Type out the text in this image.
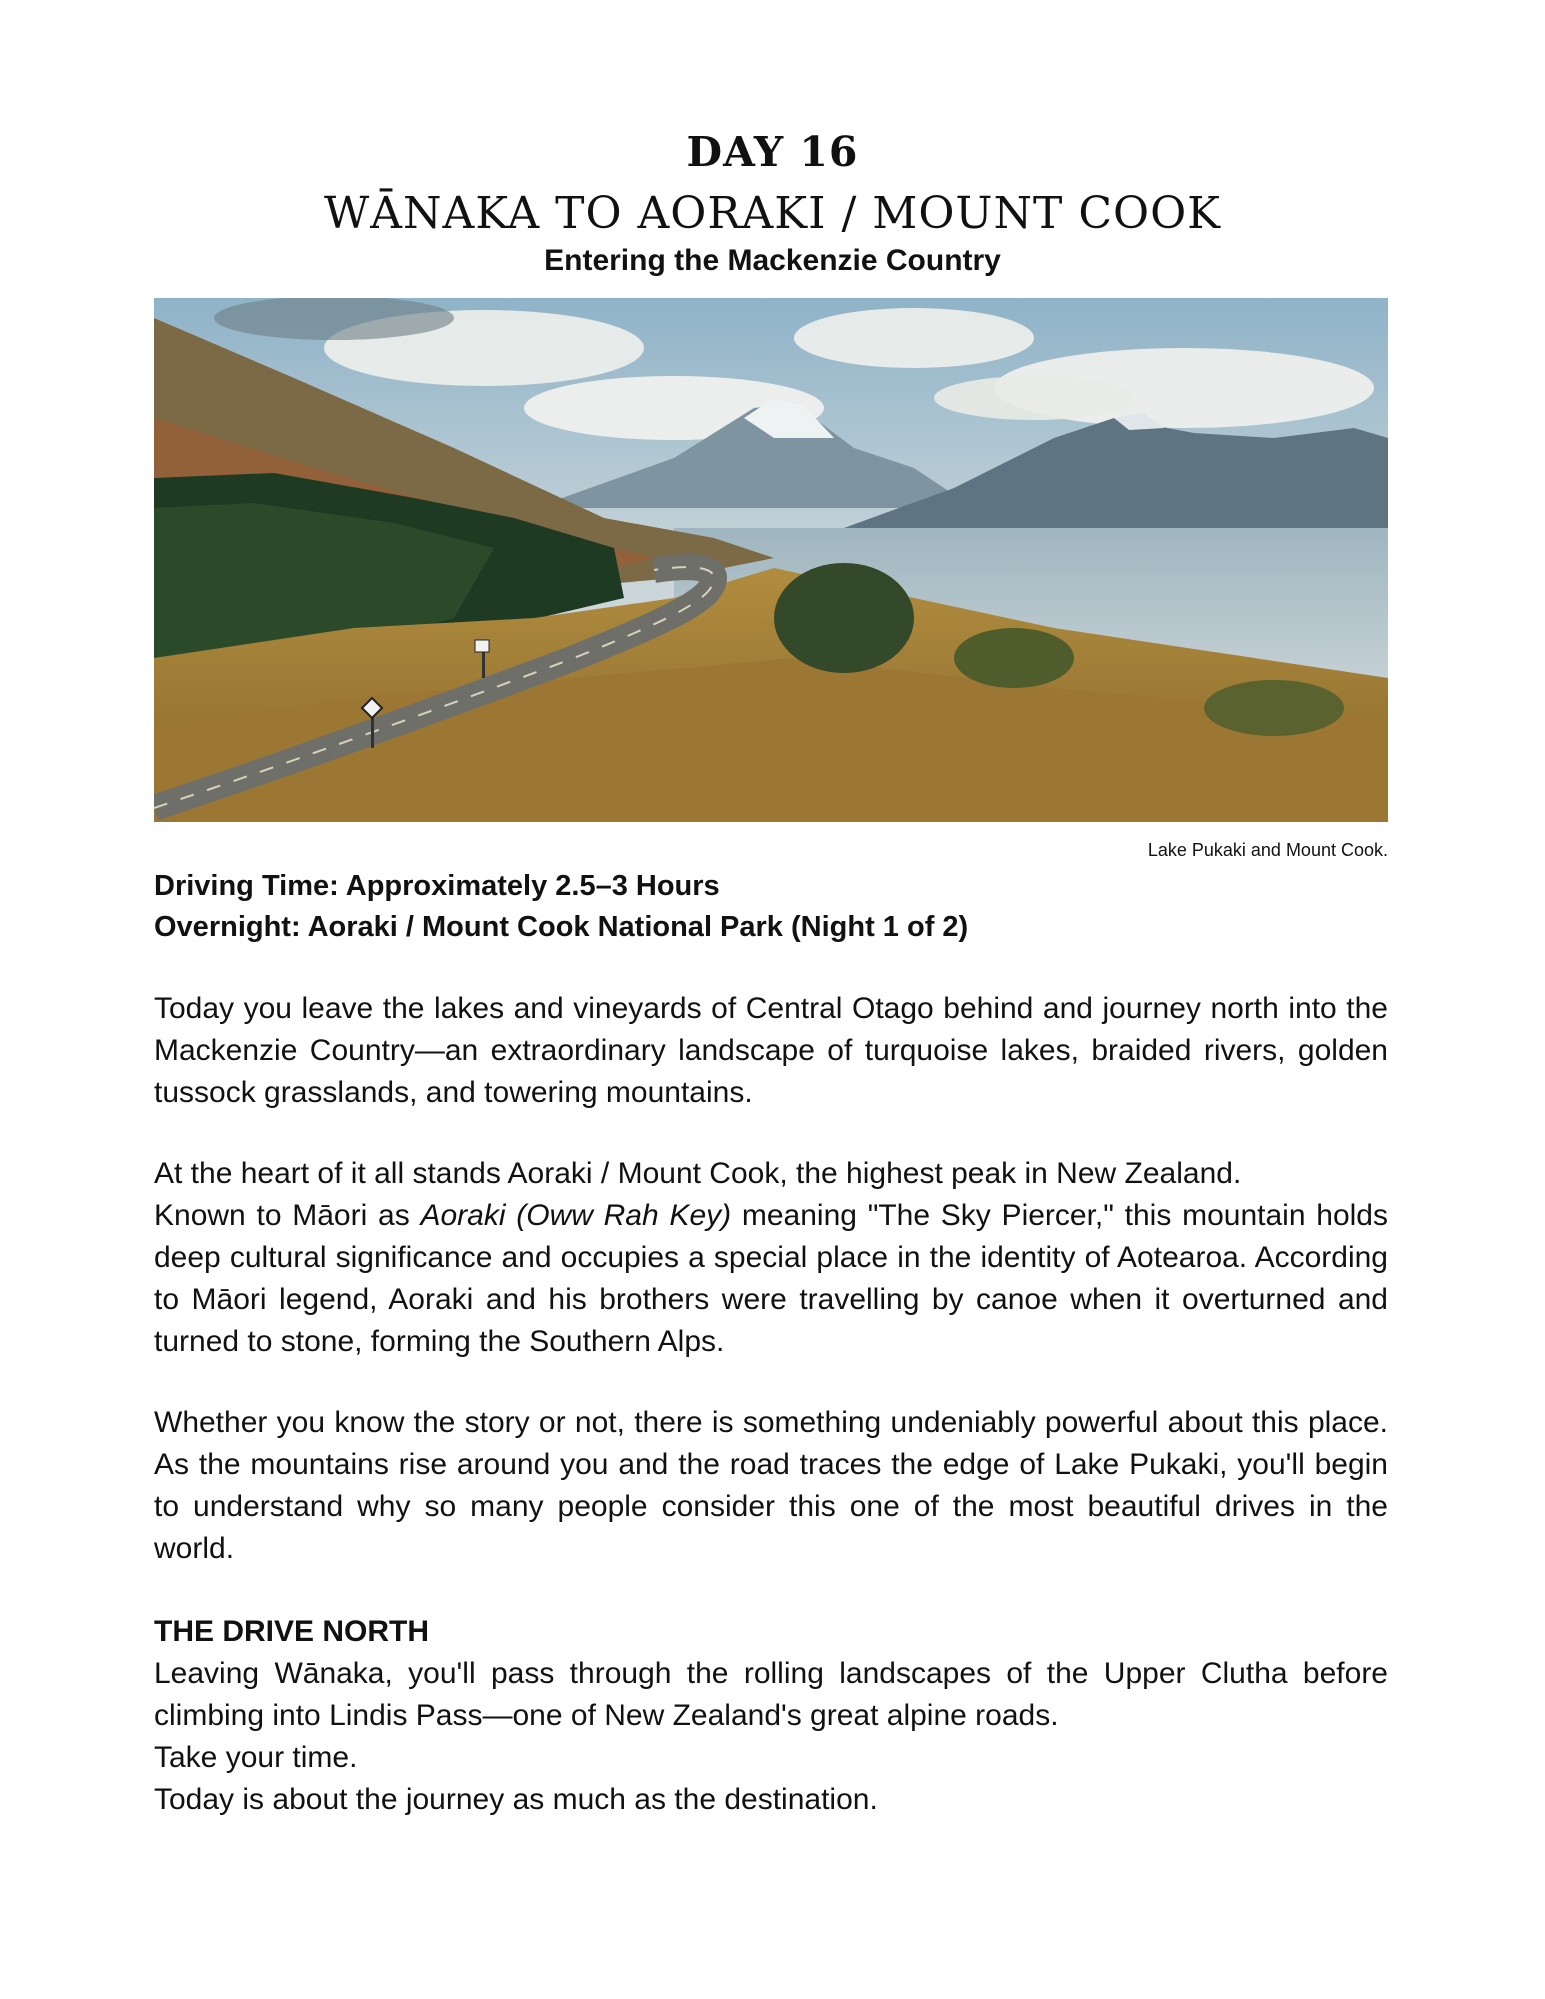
DAY 16
WĀNAKA TO AORAKI / MOUNT COOK
Entering the Mackenzie Country
Lake Pukaki and Mount Cook.
Driving Time: Approximately 2.5–3 Hours
Overnight: Aoraki / Mount Cook National Park (Night 1 of 2)

Today you leave the lakes and vineyards of Central Otago behind and journey north into the Mackenzie Country—an extraordinary landscape of turquoise lakes, braided rivers, golden tussock grasslands, and towering mountains.

At the heart of it all stands Aoraki / Mount Cook, the highest peak in New Zealand.

Known to Māori as Aoraki (Oww Rah Key) meaning "The Sky Piercer," this mountain holds deep cultural significance and occupies a special place in the identity of Aotearoa. According to Māori legend, Aoraki and his brothers were travelling by canoe when it overturned and turned to stone, forming the Southern Alps.

Whether you know the story or not, there is something undeniably powerful about this place. As the mountains rise around you and the road traces the edge of Lake Pukaki, you'll begin to understand why so many people consider this one of the most beautiful drives in the world.

THE DRIVE NORTH

Leaving Wānaka, you'll pass through the rolling landscapes of the Upper Clutha before climbing into Lindis Pass—one of New Zealand's great alpine roads.

Take your time.

Today is about the journey as much as the destination.
